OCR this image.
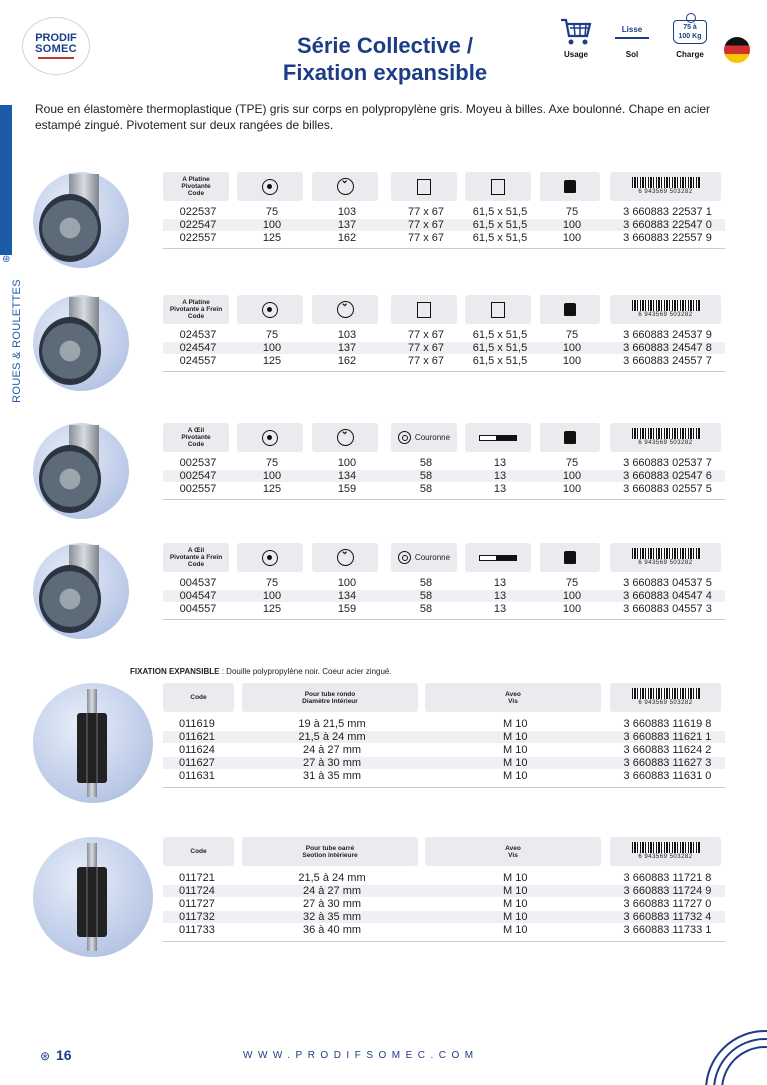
PRODIF
SOMEC	Série Collective /
Fixation expansible
Usage
Lisse
Sol
75 à
100 Kg
Charge
⊛
ROUES & ROULETTES
Roue en élastomère thermoplastique (TPE) gris sur corps en polypropylène gris. Moyeu à billes. Axe boulonné. Chape en acier estampé zingué. Pivotement sur deux rangées de billes.
A Platine
Pivotante
Code ⌄	6 943569 503282
022537	75	103	77 x 67	61,5 x 51,5	75	3 660883 22537 1
022547	100	137	77 x 67	61,5 x 51,5	100	3 660883 22547 0
022557	125	162	77 x 67	61,5 x 51,5	100	3 660883 22557 9
A Platine
Pivotante à Frein
Code ⌄	6 943569 503282
024537	75	103	77 x 67	61,5 x 51,5	75	3 660883 24537 9
024547	100	137	77 x 67	61,5 x 51,5	100	3 660883 24547 8
024557	125	162	77 x 67	61,5 x 51,5	100	3 660883 24557 7
A Œil
Pivotante
Code
⌄
Couronne
6 943569 503282
002537	75	100	58	13	75	3 660883 02537 7
002547	100	134	58	13	100	3 660883 02547 6
002557	125	159	58	13	100	3 660883 02557 5
A Œil
Pivotante à Frein
Code
⌄
Couronne
6 943569 503282
004537	75	100	58	13	75	3 660883 04537 5
004547	100	134	58	13	100	3 660883 04547 4
004557	125	159	58	13	100	3 660883 04557 3
FIXATION EXPANSIBLE : Douille polypropylène noir. Coeur acier zingué.
Code	Pour tube rondo
Diamètre Intérieur
Aveo
Vis	6 943569 503282
011619	19 à 21,5 mm	M 10	3 660883 11619 8
011621	21,5 à 24 mm	M 10	3 660883 11621 1
011624	24 à 27 mm	M 10	3 660883 11624 2
011627	27 à 30 mm	M 10	3 660883 11627 3
011631	31 à 35 mm	M 10	3 660883 11631 0
Code	Pour tube oarré
Seotion intérieure
Aveo
Vis	6 943569 503282
011721	21,5 à 24 mm	M 10	3 660883 11721 8
011724	24 à 27 mm	M 10	3 660883 11724 9
011727	27 à 30 mm	M 10	3 660883 11727 0
011732	32 à 35 mm	M 10	3 660883 11732 4
011733	36 à 40 mm	M 10	3 660883 11733 1
⊛ 16	WWW.PRODIFSOMEC.COM
